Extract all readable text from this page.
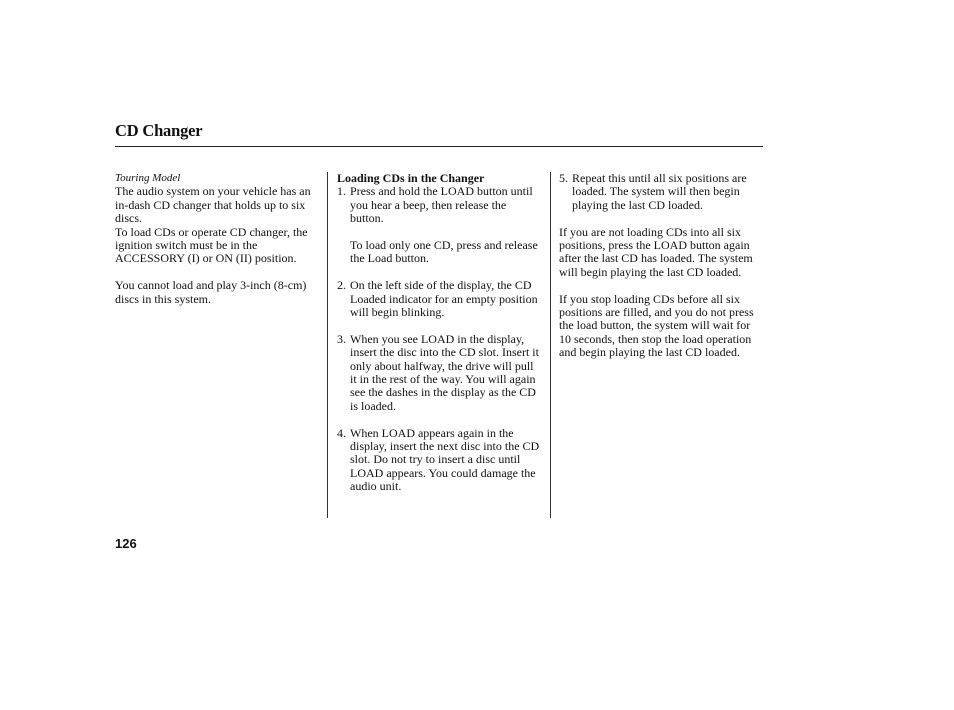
CD Changer

Touring Model

The audio system on your vehicle has an in-dash CD changer that holds up to six discs.

To load CDs or operate CD changer, the ignition switch must be in the ACCESSORY (I) or ON (II) position.

You cannot load and play 3-inch (8-cm) discs in this system.

Loading CDs in the Changer

1. Press and hold the LOAD button until you hear a beep, then release the button.

To load only one CD, press and release the Load button.

2. On the left side of the display, the CD Loaded indicator for an empty position will begin blinking.

3. When you see LOAD in the display, insert the disc into the CD slot. Insert it only about halfway, the drive will pull it in the rest of the way. You will again see the dashes in the display as the CD is loaded.

4. When LOAD appears again in the display, insert the next disc into the CD slot. Do not try to insert a disc until LOAD appears. You could damage the audio unit.

5. Repeat this until all six positions are loaded. The system will then begin playing the last CD loaded.

If you are not loading CDs into all six positions, press the LOAD button again after the last CD has loaded. The system will begin playing the last CD loaded.

If you stop loading CDs before all six positions are filled, and you do not press the load button, the system will wait for 10 seconds, then stop the load operation and begin playing the last CD loaded.

126
